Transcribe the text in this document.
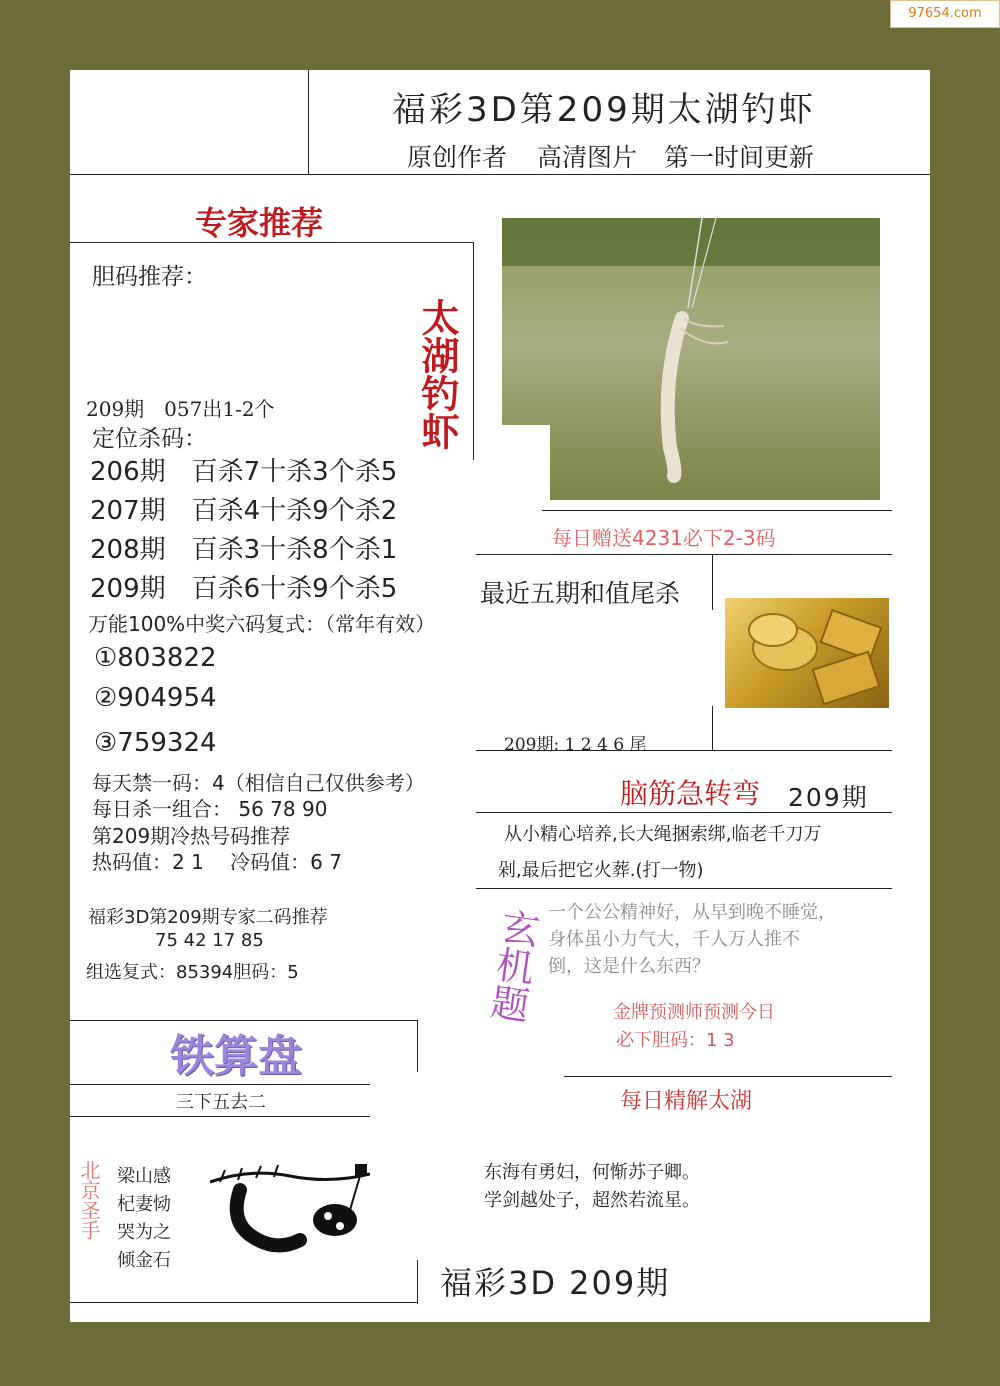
97654.com
福彩3D第209期太湖钓虾
原创作者 高清图片 第一时间更新
专家推荐
胆码推荐：
太湖钓虾
209期　057出1-2个
定位杀码：
206期　百杀7十杀3个杀5
207期　百杀4十杀9个杀2
208期　百杀3十杀8个杀1
209期　百杀6十杀9个杀5
万能100%中奖六码复式：（常年有效）
①803822
②904954
③759324
每天禁一码：4（相信自己仅供参考）
每日杀一组合： 56 78 90
第209期冷热号码推荐
热码值：2 1　 冷码值：6 7
福彩3D第209期专家二码推荐
75 42 17 85
组选复式：85394胆码：5
铁算盘
三下五去二
北京圣手 梁山感
杞妻恸
哭为之
倾金石
每日赠送4231必下2-3码
最近五期和值尾杀
209期: 1 2 4 6 尾
脑筋急转弯 209期
从小精心培养,长大绳捆索绑,临老千刀万
剁,最后把它火葬.(打一物)
玄机题 一个公公精神好，从早到晚不睡觉，
身体虽小力气大，千人万人推不
倒，这是什么东西？
金牌预测师预测今日
必下胆码：1 3
每日精解太湖
东海有勇妇，何惭苏子卿。
学剑越处子，超然若流星。
福彩3D 209期
